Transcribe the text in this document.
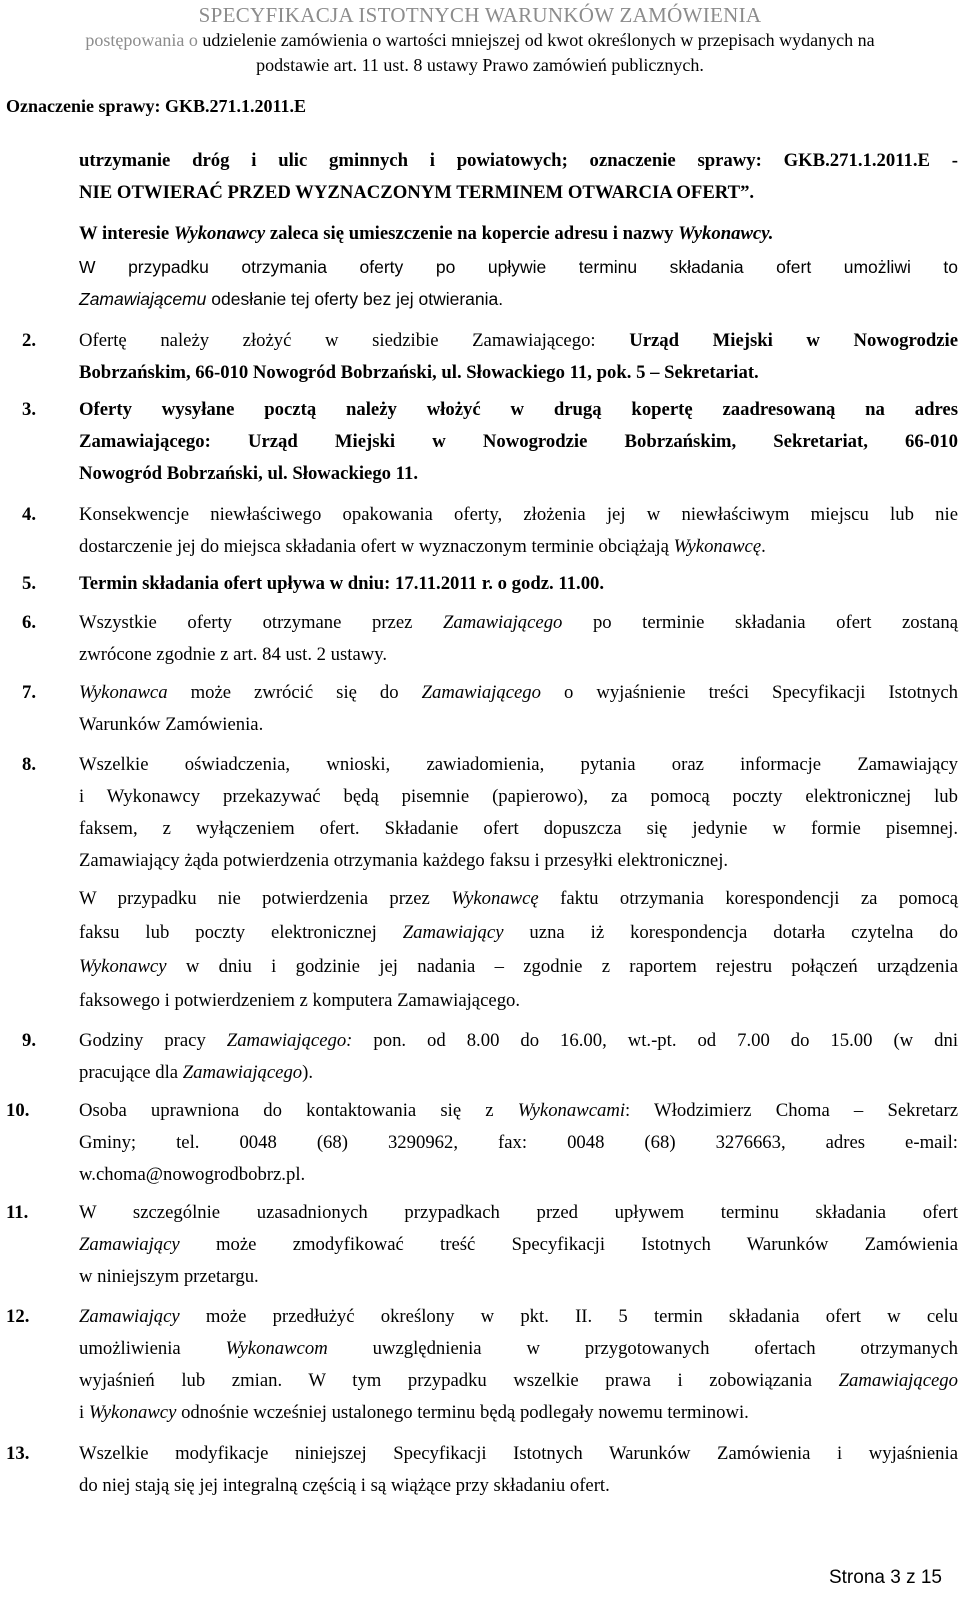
SPECYFIKACJA ISTOTNYCH WARUNKÓW ZAMÓWIENIA
postępowania o udzielenie zamówienia o wartości mniejszej od kwot określonych w przepisach wydanych na
podstawie art. 11 ust. 8 ustawy Prawo zamówień publicznych.
Oznaczenie sprawy: GKB.271.1.2011.E

utrzymanie dróg i ulic gminnych i powiatowych; oznaczenie sprawy: GKB.271.1.2011.E -

NIE OTWIERAĆ PRZED WYZNACZONYM TERMINEM OTWARCIA OFERT”.

W interesie Wykonawcy zaleca się umieszczenie na kopercie adresu i nazwy Wykonawcy.

W przypadku otrzymania oferty po upływie terminu składania ofert umożliwi to

Zamawiającemu odesłanie tej oferty bez jej otwierania.

2. Ofertę należy złożyć w siedzibie Zamawiającego: Urząd Miejski w Nowogrodzie

Bobrzańskim, 66-010 Nowogród Bobrzański, ul. Słowackiego 11, pok. 5 – Sekretariat.

3. Oferty wysyłane pocztą należy włożyć w drugą kopertę zaadresowaną na adres

Zamawiającego: Urząd Miejski w Nowogrodzie Bobrzańskim, Sekretariat, 66-010

Nowogród Bobrzański, ul. Słowackiego 11.

4. Konsekwencje niewłaściwego opakowania oferty, złożenia jej w niewłaściwym miejscu lub nie

dostarczenie jej do miejsca składania ofert w wyznaczonym terminie obciążają Wykonawcę.

5. Termin składania ofert upływa w dniu: 17.11.2011 r. o godz. 11.00.

6. Wszystkie oferty otrzymane przez Zamawiającego po terminie składania ofert zostaną

zwrócone zgodnie z art. 84 ust. 2 ustawy.

7. Wykonawca może zwrócić się do Zamawiającego o wyjaśnienie treści Specyfikacji Istotnych

Warunków Zamówienia.

8. Wszelkie oświadczenia, wnioski, zawiadomienia, pytania oraz informacje Zamawiający

i Wykonawcy przekazywać będą pisemnie (papierowo), za pomocą poczty elektronicznej lub

faksem, z wyłączeniem ofert. Składanie ofert dopuszcza się jedynie w formie pisemnej.

Zamawiający żąda potwierdzenia otrzymania każdego faksu i przesyłki elektronicznej.

W przypadku nie potwierdzenia przez Wykonawcę faktu otrzymania korespondencji za pomocą

faksu lub poczty elektronicznej Zamawiający uzna iż korespondencja dotarła czytelna do

Wykonawcy w dniu i godzinie jej nadania – zgodnie z raportem rejestru połączeń urządzenia

faksowego i potwierdzeniem z komputera Zamawiającego.

9. Godziny pracy Zamawiającego: pon. od 8.00 do 16.00, wt.-pt. od 7.00 do 15.00 (w dni

pracujące dla Zamawiającego).

10.	Osoba uprawniona do kontaktowania się z Wykonawcami: Włodzimierz Choma – Sekretarz

Gminy; tel. 0048 (68) 3290962, fax: 0048 (68) 3276663, adres e-mail:

w.choma@nowogrodbobrz.pl.

11.	W szczególnie uzasadnionych przypadkach przed upływem terminu składania ofert

Zamawiający może zmodyfikować treść Specyfikacji Istotnych Warunków Zamówienia

w niniejszym przetargu.

12.	Zamawiający może przedłużyć określony w pkt. II. 5 termin składania ofert w celu

umożliwienia Wykonawcom uwzględnienia w przygotowanych ofertach otrzymanych

wyjaśnień lub zmian. W tym przypadku wszelkie prawa i zobowiązania Zamawiającego

i Wykonawcy odnośnie wcześniej ustalonego terminu będą podlegały nowemu terminowi.

13.	Wszelkie modyfikacje niniejszej Specyfikacji Istotnych Warunków Zamówienia i wyjaśnienia

do niej stają się jej integralną częścią i są wiążące przy składaniu ofert.

Strona 3 z 15
